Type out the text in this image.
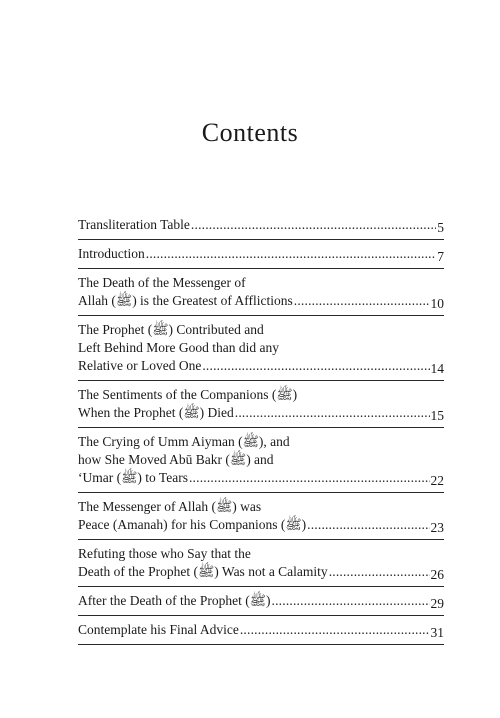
Contents
Transliteration Table .....	5
Introduction .....	7
The Death of the Messenger of
Allah (ﷺ) is the Greatest of Afflictions .....	10
The Prophet (ﷺ) Contributed and
Left Behind More Good than did any
Relative or Loved One .....	14
The Sentiments of the Companions (ﷺ)
When the Prophet (ﷺ) Died .....	15
The Crying of Umm Aiyman (ﷺ), and
how She Moved Abū Bakr (ﷺ) and
‘Umar (ﷺ) to Tears .....	22
The Messenger of Allah (ﷺ) was
Peace (Amanah) for his Companions (ﷺ) .....	23
Refuting those who Say that the
Death of the Prophet (ﷺ) Was not a Calamity .....	26
After the Death of the Prophet (ﷺ) .....	29
Contemplate his Final Advice .....	31
